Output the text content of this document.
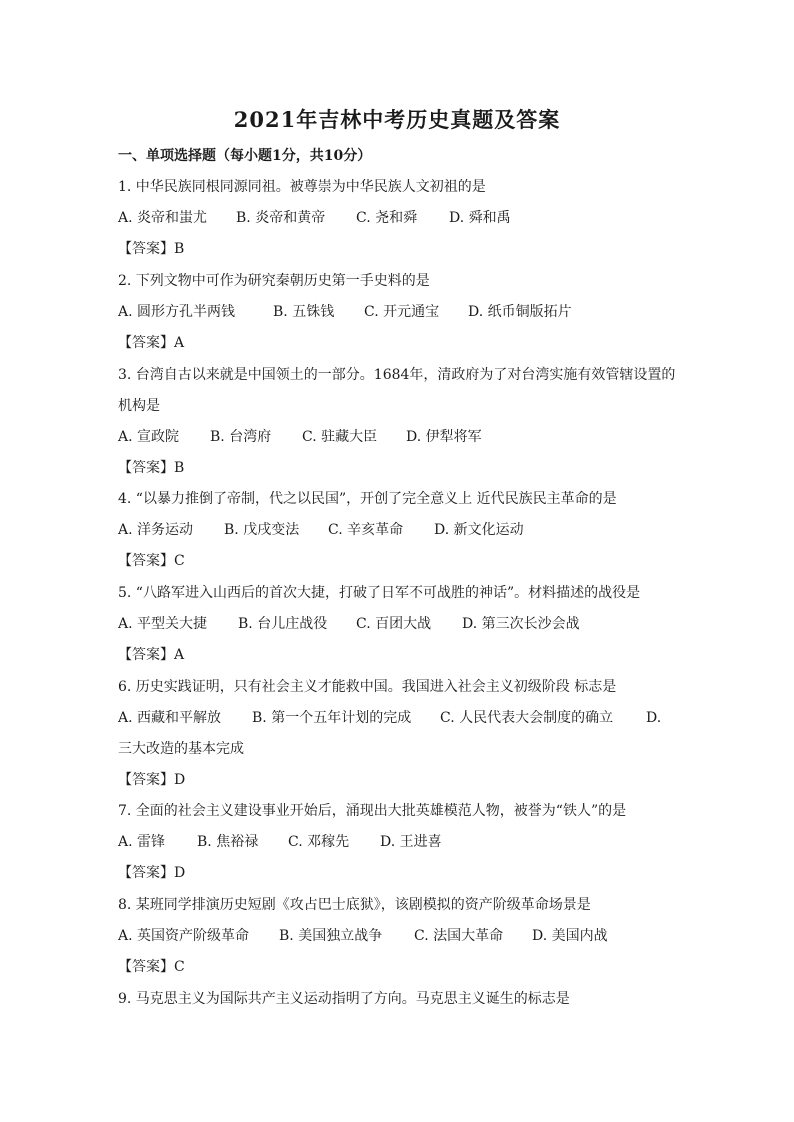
2021年吉林中考历史真题及答案
一、单项选择题（每小题1分，共10分）
1. 中华民族同根同源同祖。被尊崇为中华民族人文初祖的是
A. 炎帝和蚩尤 B. 炎帝和黄帝 C. 尧和舜 D. 舜和禹
【答案】B
2. 下列文物中可作为研究秦朝历史第一手史料的是
A. 圆形方孔半两钱	B. 五铢钱 C. 开元通宝 D. 纸币铜版拓片
【答案】A
3. 台湾自古以来就是中国领土的一部分。1684年，清政府为了对台湾实施有效管辖设置的
机构是
A. 宣政院 B. 台湾府 C. 驻藏大臣 D. 伊犁将军
【答案】B
4. “以暴力推倒了帝制，代之以民国”，开创了完全意义上 近代民族民主革命的是
A. 洋务运动 B. 戊戌变法 C. 辛亥革命 D. 新文化运动
【答案】C
5. “八路军进入山西后的首次大捷，打破了日军不可战胜的神话”。材料描述的战役是
A. 平型关大捷 B. 台儿庄战役 C. 百团大战 D. 第三次长沙会战
【答案】A
6. 历史实践证明，只有社会主义才能救中国。我国进入社会主义初级阶段 标志是
A. 西藏和平解放 B. 第一个五年计划的完成 C. 人民代表大会制度的确立 D.
三大改造的基本完成
【答案】D
7. 全面的社会主义建设事业开始后，涌现出大批英雄模范人物，被誉为“铁人”的是
A. 雷锋 B. 焦裕禄 C. 邓稼先 D. 王进喜
【答案】D
8. 某班同学排演历史短剧《攻占巴士底狱》，该剧模拟的资产阶级革命场景是
A. 英国资产阶级革命 B. 美国独立战争 C. 法国大革命 D. 美国内战
【答案】C
9. 马克思主义为国际共产主义运动指明了方向。马克思主义诞生的标志是
